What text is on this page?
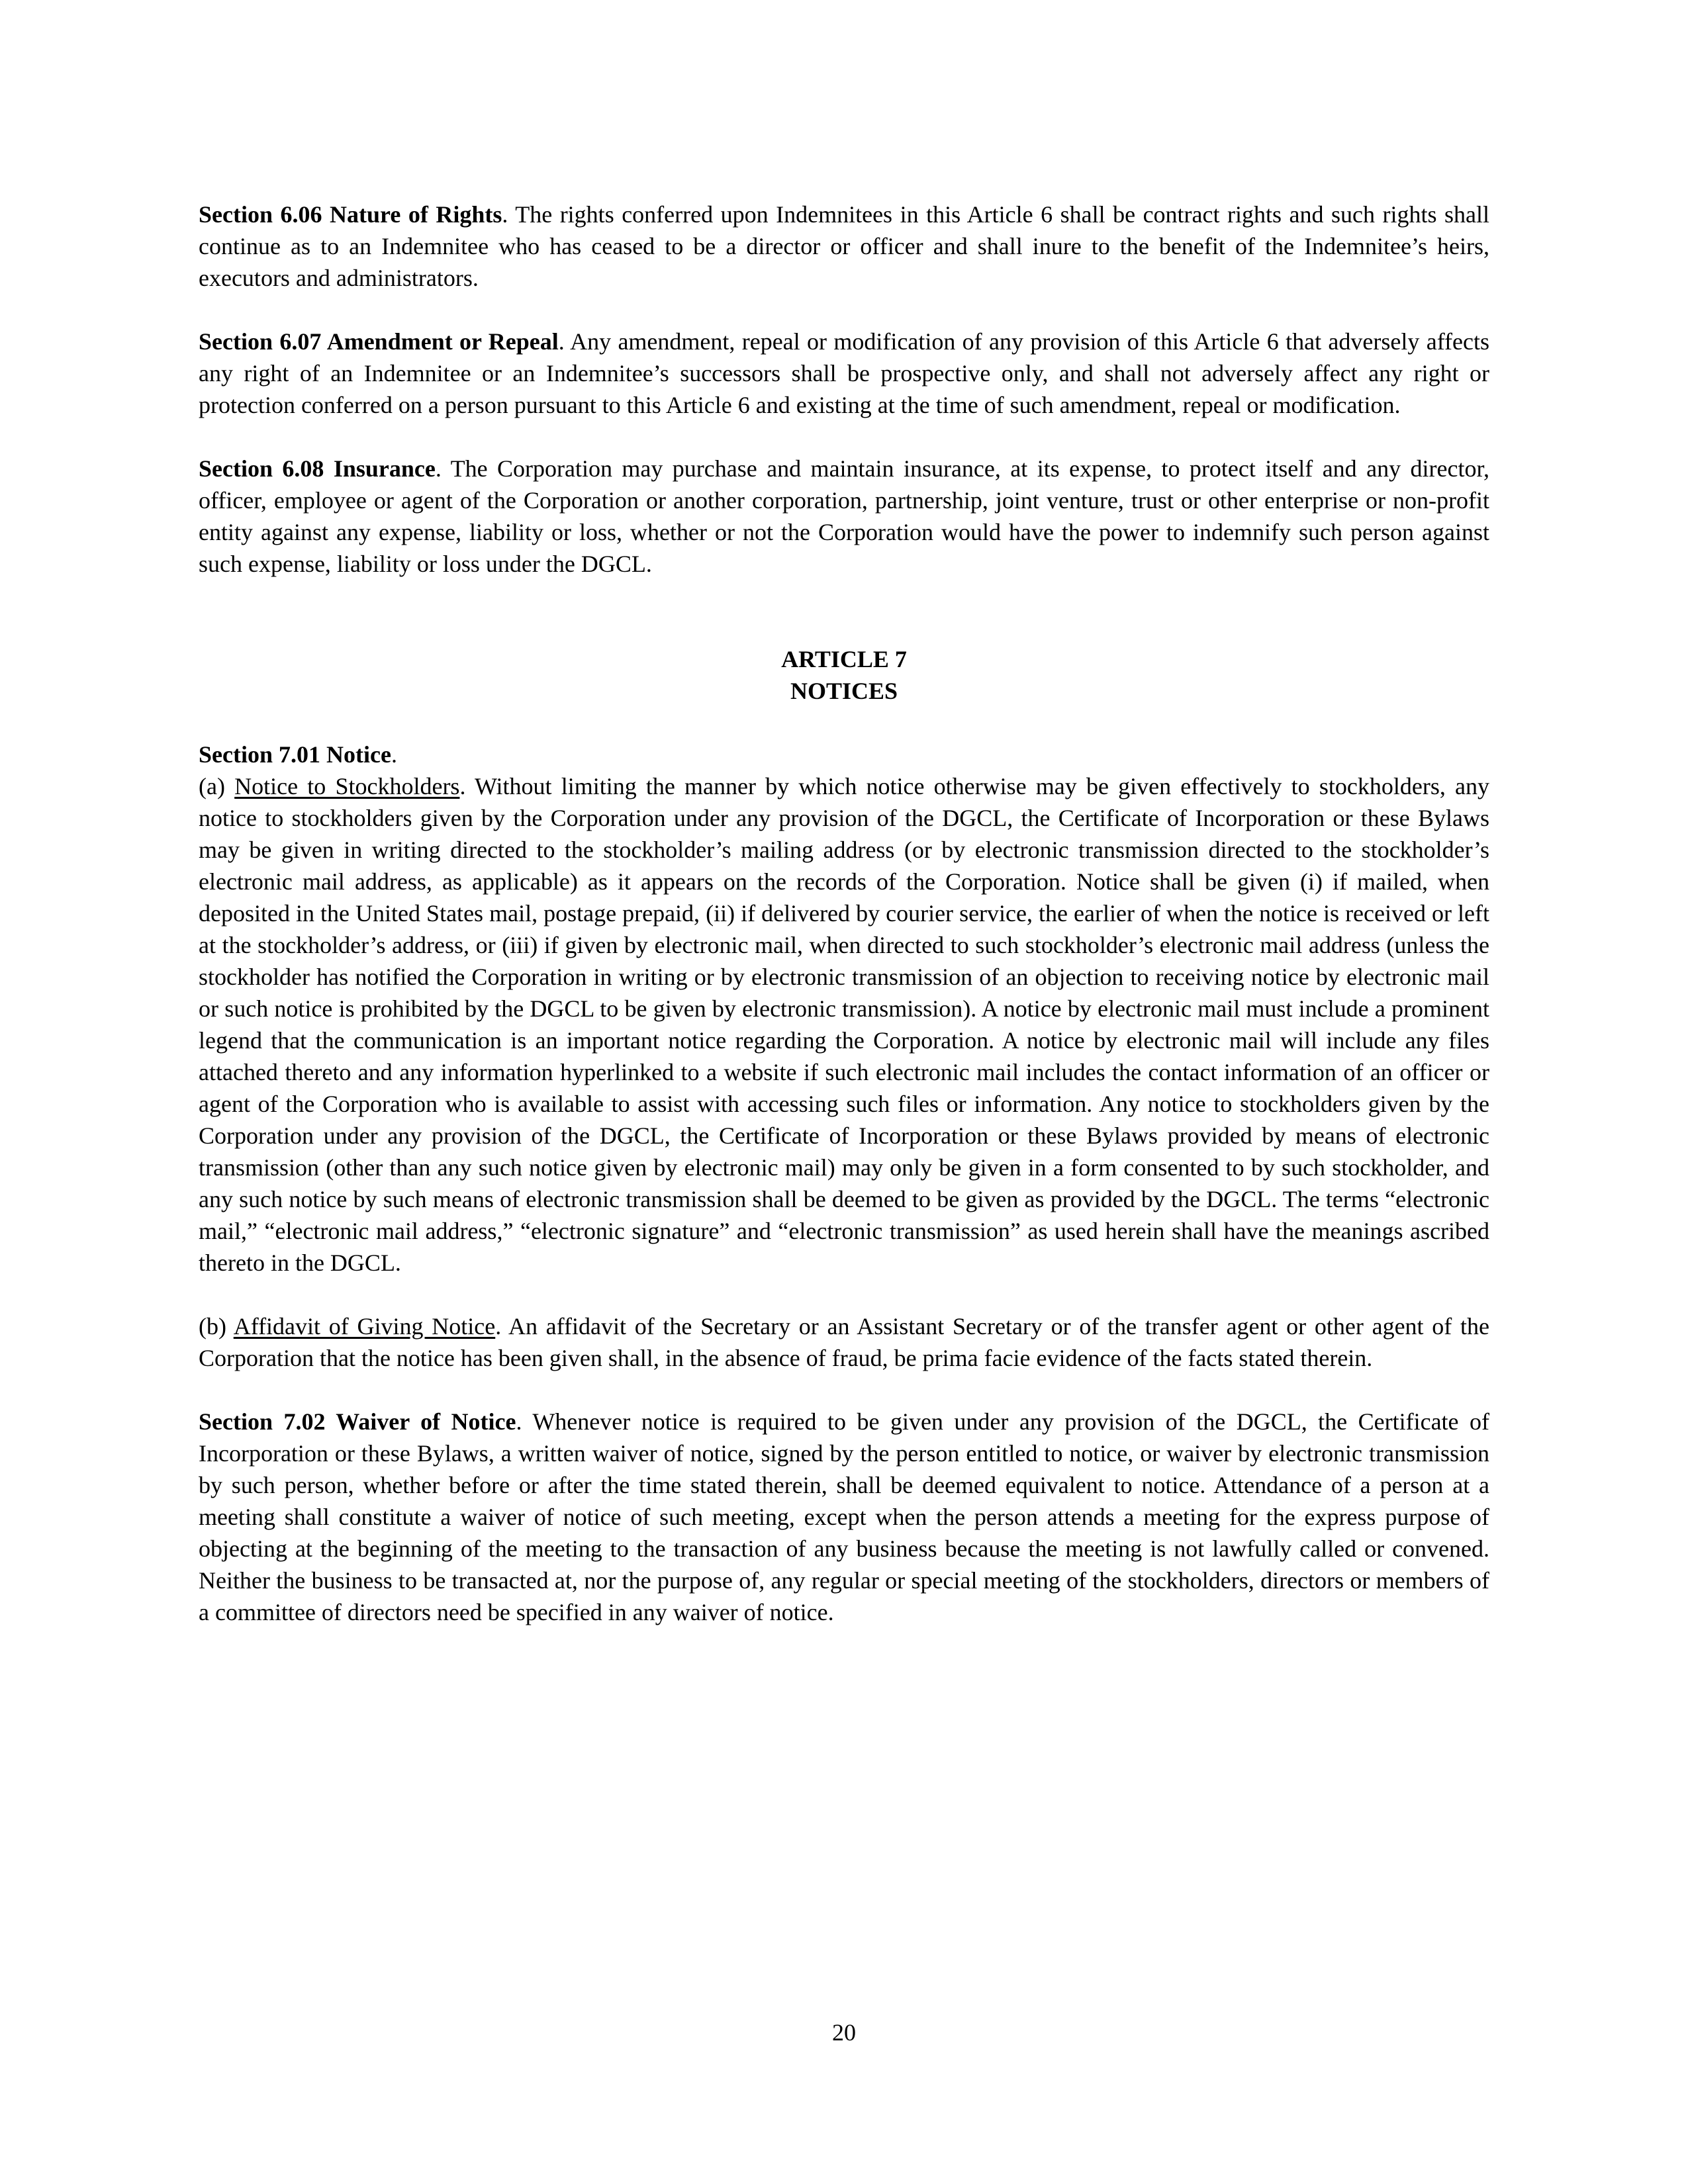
Section 6.06 Nature of Rights. The rights conferred upon Indemnitees in this Article 6 shall be contract rights and such rights shall continue as to an Indemnitee who has ceased to be a director or officer and shall inure to the benefit of the Indemnitee’s heirs, executors and administrators.

Section 6.07 Amendment or Repeal. Any amendment, repeal or modification of any provision of this Article 6 that adversely affects any right of an Indemnitee or an Indemnitee’s successors shall be prospective only, and shall not adversely affect any right or protection conferred on a person pursuant to this Article 6 and existing at the time of such amendment, repeal or modification.

Section 6.08 Insurance. The Corporation may purchase and maintain insurance, at its expense, to protect itself and any director, officer, employee or agent of the Corporation or another corporation, partnership, joint venture, trust or other enterprise or non-profit entity against any expense, liability or loss, whether or not the Corporation would have the power to indemnify such person against such expense, liability or loss under the DGCL.

ARTICLE 7
NOTICES

Section 7.01 Notice.

(a) Notice to Stockholders. Without limiting the manner by which notice otherwise may be given effectively to stockholders, any notice to stockholders given by the Corporation under any provision of the DGCL, the Certificate of Incorporation or these Bylaws may be given in writing directed to the stockholder’s mailing address (or by electronic transmission directed to the stockholder’s electronic mail address, as applicable) as it appears on the records of the Corporation. Notice shall be given (i) if mailed, when deposited in the United States mail, postage prepaid, (ii) if delivered by courier service, the earlier of when the notice is received or left at the stockholder’s address, or (iii) if given by electronic mail, when directed to such stockholder’s electronic mail address (unless the stockholder has notified the Corporation in writing or by electronic transmission of an objection to receiving notice by electronic mail or such notice is prohibited by the DGCL to be given by electronic transmission). A notice by electronic mail must include a prominent legend that the communication is an important notice regarding the Corporation. A notice by electronic mail will include any files attached thereto and any information hyperlinked to a website if such electronic mail includes the contact information of an officer or agent of the Corporation who is available to assist with accessing such files or information. Any notice to stockholders given by the Corporation under any provision of the DGCL, the Certificate of Incorporation or these Bylaws provided by means of electronic transmission (other than any such notice given by electronic mail) may only be given in a form consented to by such stockholder, and any such notice by such means of electronic transmission shall be deemed to be given as provided by the DGCL. The terms “electronic mail,” “electronic mail address,” “electronic signature” and “electronic transmission” as used herein shall have the meanings ascribed thereto in the DGCL.

(b) Affidavit of Giving Notice. An affidavit of the Secretary or an Assistant Secretary or of the transfer agent or other agent of the Corporation that the notice has been given shall, in the absence of fraud, be prima facie evidence of the facts stated therein.

Section 7.02 Waiver of Notice. Whenever notice is required to be given under any provision of the DGCL, the Certificate of Incorporation or these Bylaws, a written waiver of notice, signed by the person entitled to notice, or waiver by electronic transmission by such person, whether before or after the time stated therein, shall be deemed equivalent to notice. Attendance of a person at a meeting shall constitute a waiver of notice of such meeting, except when the person attends a meeting for the express purpose of objecting at the beginning of the meeting to the transaction of any business because the meeting is not lawfully called or convened. Neither the business to be transacted at, nor the purpose of, any regular or special meeting of the stockholders, directors or members of a committee of directors need be specified in any waiver of notice.

20
